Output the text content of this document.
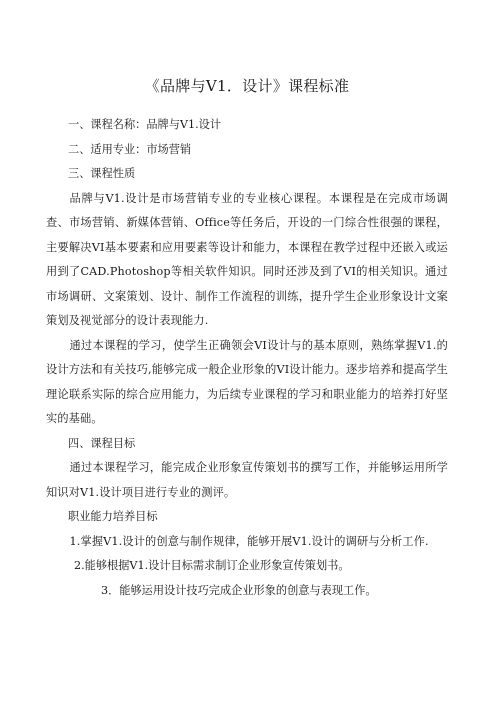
《品牌与V1．设计》课程标准

一、课程名称：品牌与V1.设计

二、适用专业：市场营销

三、课程性质

品牌与V1.设计是市场营销专业的专业核心课程。本课程是在完成市场调查、市场营销、新媒体营销、Office等任务后，开设的一门综合性很强的课程，主要解决VI基本要素和应用要素等设计和能力，本课程在教学过程中还嵌入或运用到了CAD.Photoshop等相关软件知识。同时还涉及到了VI的相关知识。通过市场调研、文案策划、设计、制作工作流程的训练，提升学生企业形象设计文案策划及视觉部分的设计表现能力.

通过本课程的学习，使学生正确领会VI设计与的基本原则，熟练掌握V1.的设计方法和有关技巧,能够完成一般企业形象的VI设计能力。逐步培养和提高学生理论联系实际的综合应用能力，为后续专业课程的学习和职业能力的培养打好坚实的基础。

四、课程目标

通过本课程学习，能完成企业形象宣传策划书的撰写工作，并能够运用所学知识对V1.设计项目进行专业的测评。

职业能力培养目标

1.掌握V1.设计的创意与制作规律，能够开展V1.设计的调研与分析工作.

2.能够根据V1.设计目标需求制订企业形象宣传策划书。

3．能够运用设计技巧完成企业形象的创意与表现工作。
